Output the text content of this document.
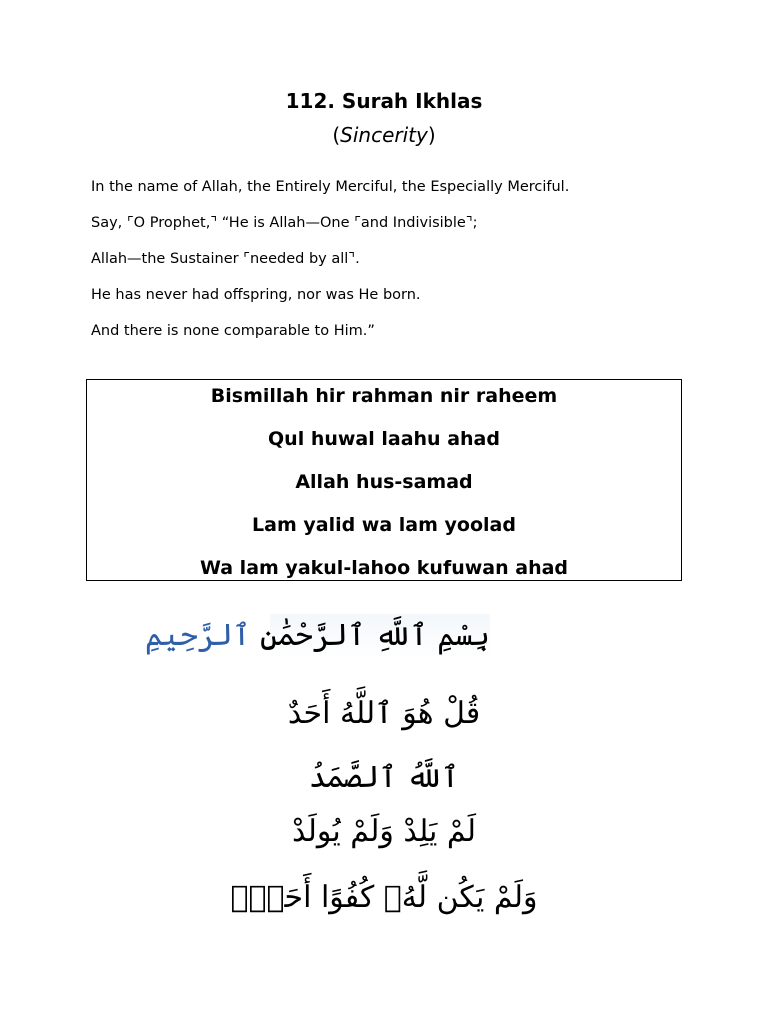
112. Surah Ikhlas
(Sincerity)
In the name of Allah, the Entirely Merciful, the Especially Merciful.
Say, ⌜O Prophet,⌝ “He is Allah—One ⌜and Indivisible⌝;
Allah—the Sustainer ⌜needed by all⌝.
He has never had offspring, nor was He born.
And there is none comparable to Him.”
Bismillah hir rahman nir raheem
Qul huwal laahu ahad
Allah hus-samad
Lam yalid wa lam yoolad
Wa lam yakul-lahoo kufuwan ahad
بِسْمِ ٱللَّهِ ٱلرَّحْمَٰنِ ٱلرَّحِيمِ
قُلْ هُوَ ٱللَّهُ أَحَدٌ
ٱللَّهُ ٱلصَّمَدُ
لَمْ يَلِدْ وَلَمْ يُولَدْ
وَلَمْ يَكُن لَّهُۥ كُفُوًا أَحَدٌۢ
